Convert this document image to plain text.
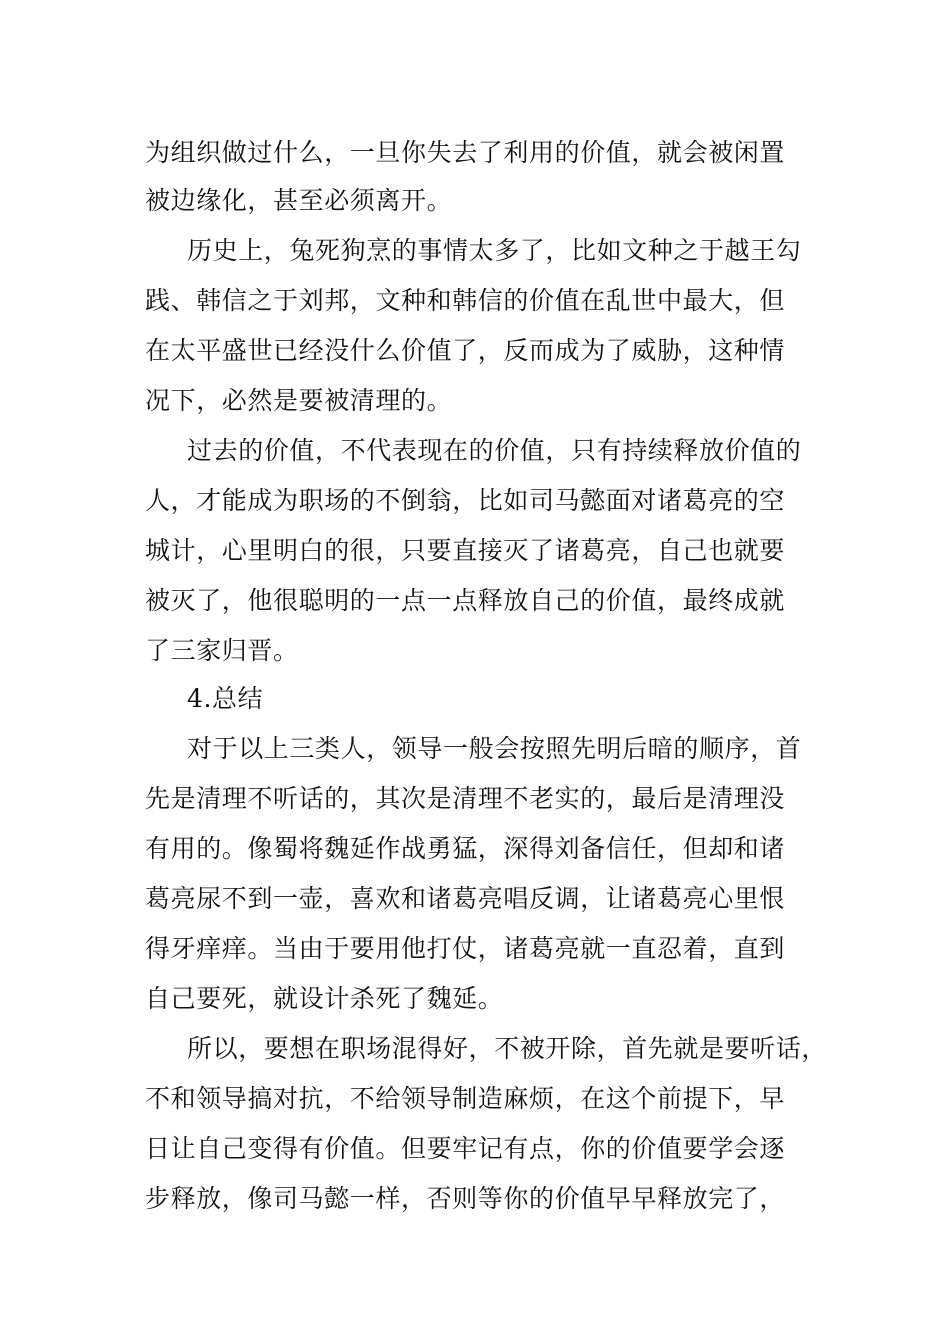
为组织做过什么，一旦你失去了利用的价值，就会被闲置
被边缘化，甚至必须离开。
历史上，兔死狗烹的事情太多了，比如文种之于越王勾
践、韩信之于刘邦，文种和韩信的价值在乱世中最大，但
在太平盛世已经没什么价值了，反而成为了威胁，这种情
况下，必然是要被清理的。
过去的价值，不代表现在的价值，只有持续释放价值的
人，才能成为职场的不倒翁，比如司马懿面对诸葛亮的空
城计，心里明白的很，只要直接灭了诸葛亮，自己也就要
被灭了，他很聪明的一点一点释放自己的价值，最终成就
了三家归晋。
4.总结
对于以上三类人，领导一般会按照先明后暗的顺序，首
先是清理不听话的，其次是清理不老实的，最后是清理没
有用的。像蜀将魏延作战勇猛，深得刘备信任，但却和诸
葛亮尿不到一壶，喜欢和诸葛亮唱反调，让诸葛亮心里恨
得牙痒痒。当由于要用他打仗，诸葛亮就一直忍着，直到
自己要死，就设计杀死了魏延。
所以，要想在职场混得好，不被开除，首先就是要听话，
不和领导搞对抗，不给领导制造麻烦，在这个前提下，早
日让自己变得有价值。但要牢记有点，你的价值要学会逐
步释放，像司马懿一样，否则等你的价值早早释放完了，
